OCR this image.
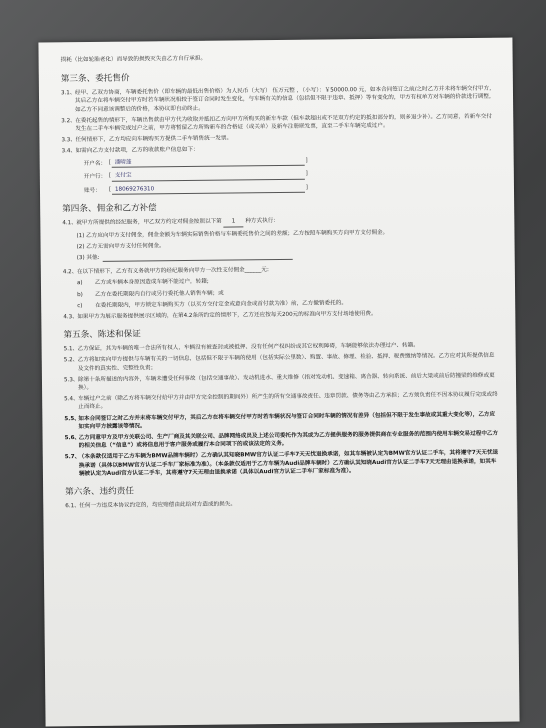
损耗（比如轮胎老化）而导致的损毁灭失由乙方自行承担。

第三条、委托售价
3.1、 经甲、乙双方协商，车辆委托售价（即车辆的最低出售价格）为人民币（大写） 伍万元整 ，（小写）：￥50000.00 元，如本合同签订之前/之时乙方并未将车辆交付甲方，其后乙方在将车辆交付甲方时若车辆状况相较于签订合同时发生变化，与车辆有关的信息（包括但不限于违章、抵押）等有变化的，甲方有权单方对车辆的价款进行调整，如乙方不同意该调整后的价格，本协议即自动终止。
3.2、 在委托起售的情形下，车辆出售款由甲方代为收取并抵扣乙方向甲方所购买的新车车款（但车款超出或不足双方约定的抵扣部分的，则多退少补）。乙方同意，若新车交付发生在二手车车辆完成过户之前，甲方将暂留乙方所购新车的合格证（或关单）及新车注册联发票，直至二手车车辆完成过户。
3.3、 任何情形下，乙方均应向车辆购买方提供二手车销售统一发票。
3.4、 如需向乙方支付款项，乙方的收款账户信息如下：
开户名：	[ 潘晴蓬 ]
开户行：	[ 支付宝 ]
账号：	[ 18069276310 ]
第四条、佣金和乙方补偿
4.1、 就甲方所提供的经纪服务，甲乙双方约定对佣金按照以下第 1 种方式执行：
(1) 乙方应向甲方支付佣金，佣金金额为车辆实际销售价格与车辆委托售价之间的差额；乙方按照车辆购买方向甲方支付佣金。
(2) 乙方无需向甲方支付任何佣金。
(3) 其他:
4.2、 在以下情形下，乙方有义务就甲方的经纪服务向甲方一次性支付佣金______元:
a)	乙方或车辆本身原因造成车辆不能过户，转籍;
b)	乙方在委托期限内自行或另行委托他人销售车辆；或
c)	在委托期限内，甲方锁定车辆购买方（以买方交付定金或意向金或首付款为准）前，乙方撤销委托的。
4.3、 如果甲方为展示服务提供展示区域的，在第4.2条所约定的情形下，乙方还应按每天200元的标准向甲方支付场地使用费。
第五条、陈述和保证
5.1、 乙方保证，其为车辆的唯一合法所有权人，车辆没有被查封或被抵押、没有任何产权纠纷或其它权利障碍，车辆能够依法办理过户、转籍。
5.2、 乙方将如实向甲方提供与车辆有关的一切信息，包括但不限于车辆的使用（包括实际公里数）、购置、事故、修理、检验、抵押、税费缴纳等情况。乙方应对其所提供信息及文件的真实性、完整性负责；
5.3、 除第十条所描述的内容外，车辆未遭受任何事故（包括交通事故）、发动机进水、重大维修（指对发动机、变速箱、离合器、转向系统、前后大梁或前后防撞梁的维修或更换）。
5.4、 车辆过户之前（除乙方将车辆交付给甲方并由甲方完全控制的期间外）所产生的所有交通事故责任、违章罚款、债务等由乙方承担；乙方须负责任不因本协议履行完成或终止而终止。
5.5、
如本合同签订之时乙方并未将车辆交付甲方，其后乙方在将车辆交付甲方时若车辆状况与签订合同时车辆的情况有差异（包括但不限于发生事故或其重大变化等），乙方应如实向甲方披露该等情况。
5.6、
乙方同意甲方及甲方关联公司、生产厂商及其关联公司、品牌网络成员及上述公司委托作为其或为乙方提供服务的服务提供商在专业服务的范围内使用车辆交易过程中乙方的相关信息（“信息”）或将信息用于客户服务或履行本合同项下的或该法定的义务。
5.7、
（本条款仅适用于乙方车辆为BMW品牌车辆时）乙方确认其知晓BMW官方认证二手车7天无忧退换承诺，如其车辆被认定为BMW官方认证二手车，其将遵守7天无忧退换承诺（具体以BMW官方认证二手车厂家标准为准）。（本条款仅适用于乙方车辆为Audi品牌车辆时）乙方确认其知晓Audi官方认证二手车7天无理由退换承诺，如其车辆被认定为Audi官方认证二手车，其将遵守7天无理由退换承诺（具体以Audi官方认证二手车厂家标准为准）。
第六条、违约责任
6.1、 任何一方违反本协议约定的，均应赔偿由此给对方造成的损失。
